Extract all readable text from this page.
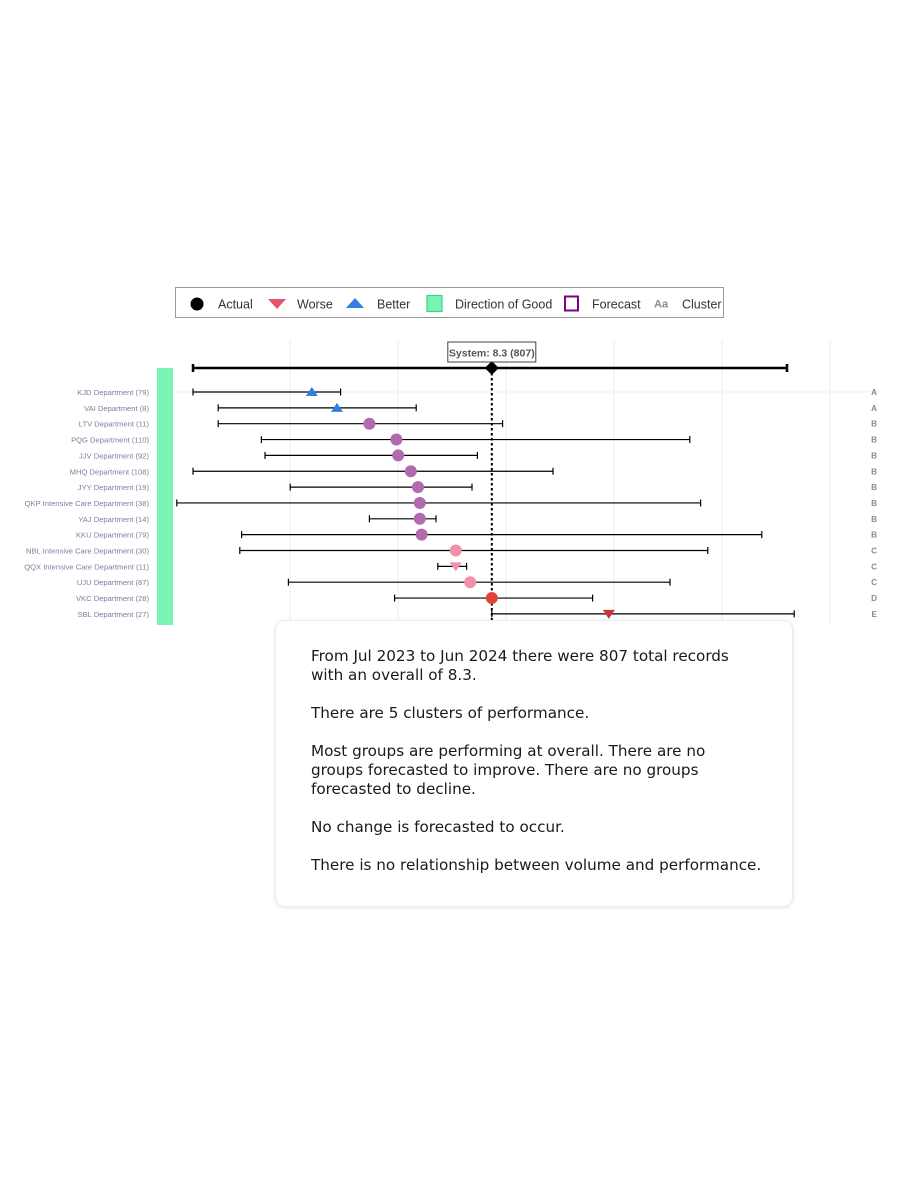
Actual	Worse	Better	Direction of Good	Forecast Aa Cluster
System: 8.3 (807)
KJD Department (79)	A
VAI Department (8)	A
LTV Department (11)	B
PQG Department (110)	B
JJV Department (92)	B
MHQ Department (108)	B
JYY Department (19)	B
QKP Intensive Care Department (38)	B
YAJ Department (14)	B
KKU Department (79)	B
NBL Intensive Care Department (30)	C
QQX Intensive Care Department (11)	C
UJU Department (87)	C
VKC Department (28)	D
SBL Department (27)	E

From Jul 2023 to Jun 2024 there were 807 total records with an overall of 8.3.

There are 5 clusters of performance.

Most groups are performing at overall. There are no groups forecasted to improve. There are no groups forecasted to decline.

No change is forecasted to occur.

There is no relationship between volume and performance.
